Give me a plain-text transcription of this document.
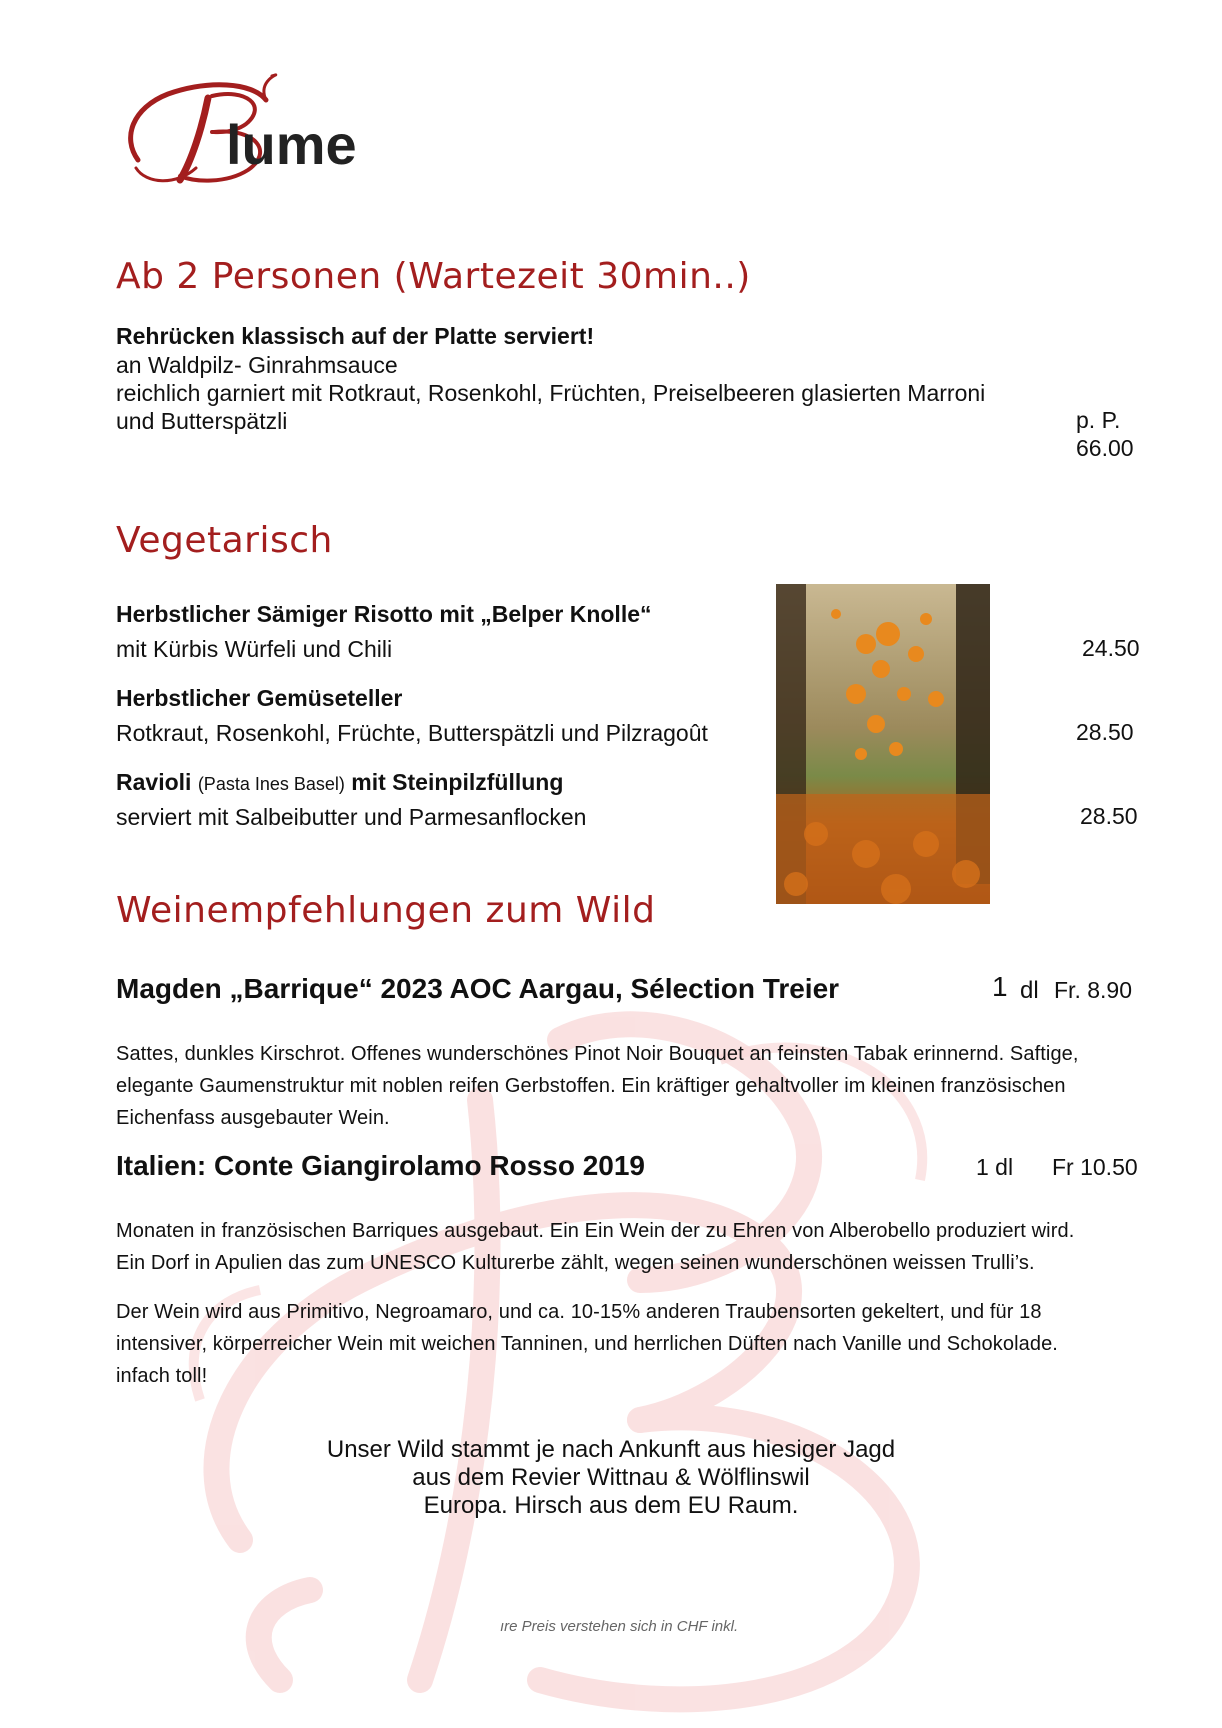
lume
Ab 2 Personen (Wartezeit 30min..)
Rehrücken klassisch auf der Platte serviert!
an Waldpilz- Ginrahmsauce
reichlich garniert mit Rotkraut, Rosenkohl, Früchten, Preiselbeeren glasierten Marroni
und Butterspätzli	p. P.
66.00
Vegetarisch
Herbstlicher Sämiger Risotto mit „Belper Knolle“
mit Kürbis Würfeli und Chili	24.50
Herbstlicher Gemüseteller
Rotkraut, Rosenkohl, Früchte, Butterspätzli und Pilzragoût	28.50
Ravioli (Pasta Ines Basel) mit Steinpilzfüllung
serviert mit Salbeibutter und Parmesanflocken	28.50
Weinempfehlungen zum Wild
Magden „Barrique“ 2023 AOC Aargau, Sélection Treier	1 dl Fr. 8.90
Sattes, dunkles Kirschrot. Offenes wunderschönes Pinot Noir Bouquet an feinsten Tabak erinnernd. Saftige,
elegante Gaumenstruktur mit noblen reifen Gerbstoffen. Ein kräftiger gehaltvoller im kleinen französischen
Eichenfass ausgebauter Wein.
Italien: Conte Giangirolamo Rosso 2019	1 dl Fr 10.50
Monaten in französischen Barriques ausgebaut. Ein Ein Wein der zu Ehren von Alberobello produziert wird.
Ein Dorf in Apulien das zum UNESCO Kulturerbe zählt, wegen seinen wunderschönen weissen Trulli’s.
Der Wein wird aus Primitivo, Negroamaro, und ca. 10-15% anderen Traubensorten gekeltert, und für 18
intensiver, körperreicher Wein mit weichen Tanninen, und herrlichen Düften nach Vanille und Schokolade.
infach toll!
Unser Wild stammt je nach Ankunft aus hiesiger Jagd
aus dem Revier Wittnau & Wölflinswil
Europa. Hirsch aus dem EU Raum.
ıre Preis verstehen sich in CHF inkl.
